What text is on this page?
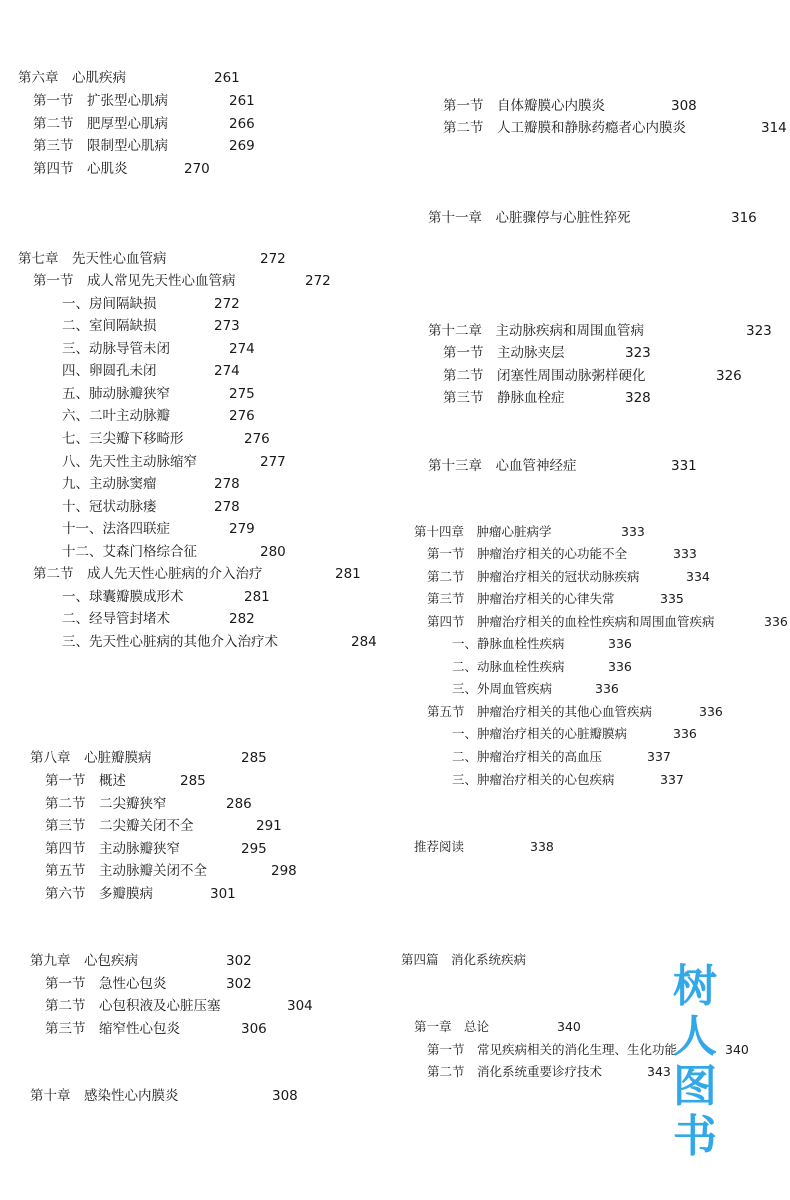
第六章　心肌疾病	261
第一节　扩张型心肌病	261
第二节　肥厚型心肌病	266
第三节　限制型心肌病	269
第四节　心肌炎	270
第七章　先天性心血管病	272
第一节　成人常见先天性心血管病	272
一、房间隔缺损	272
二、室间隔缺损	273
三、动脉导管未闭	274
四、卵圆孔未闭	274
五、肺动脉瓣狭窄	275
六、二叶主动脉瓣	276
七、三尖瓣下移畸形	276
八、先天性主动脉缩窄	277
九、主动脉窦瘤	278
十、冠状动脉瘘	278
十一、法洛四联症	279
十二、艾森门格综合征	280
第二节　成人先天性心脏病的介入治疗	281
一、球囊瓣膜成形术	281
二、经导管封堵术	282
三、先天性心脏病的其他介入治疗术	284
第八章　心脏瓣膜病	285
第一节　概述	285
第二节　二尖瓣狭窄	286
第三节　二尖瓣关闭不全	291
第四节　主动脉瓣狭窄	295
第五节　主动脉瓣关闭不全	298
第六节　多瓣膜病	301
第九章　心包疾病	302
第一节　急性心包炎	302
第二节　心包积液及心脏压塞	304
第三节　缩窄性心包炎	306
第十章　感染性心内膜炎	308
第一节　自体瓣膜心内膜炎	308
第二节　人工瓣膜和静脉药瘾者心内膜炎	314
第十一章　心脏骤停与心脏性猝死	316
第十二章　主动脉疾病和周围血管病	323
第一节　主动脉夹层	323
第二节　闭塞性周围动脉粥样硬化	326
第三节　静脉血栓症	328
第十三章　心血管神经症	331
第十四章　肿瘤心脏病学	333
第一节　肿瘤治疗相关的心功能不全	333
第二节　肿瘤治疗相关的冠状动脉疾病	334
第三节　肿瘤治疗相关的心律失常	335
第四节　肿瘤治疗相关的血栓性疾病和周围血管疾病	336
一、静脉血栓性疾病	336
二、动脉血栓性疾病	336
三、外周血管疾病	336
第五节　肿瘤治疗相关的其他心血管疾病	336
一、肿瘤治疗相关的心脏瓣膜病	336
二、肿瘤治疗相关的高血压	337
三、肿瘤治疗相关的心包疾病	337
推荐阅读	338
第四篇　消化系统疾病
第一章　总论	340
第一节　常见疾病相关的消化生理、生化功能	340
第二节　消化系统重要诊疗技术	343
树
人
图
书
